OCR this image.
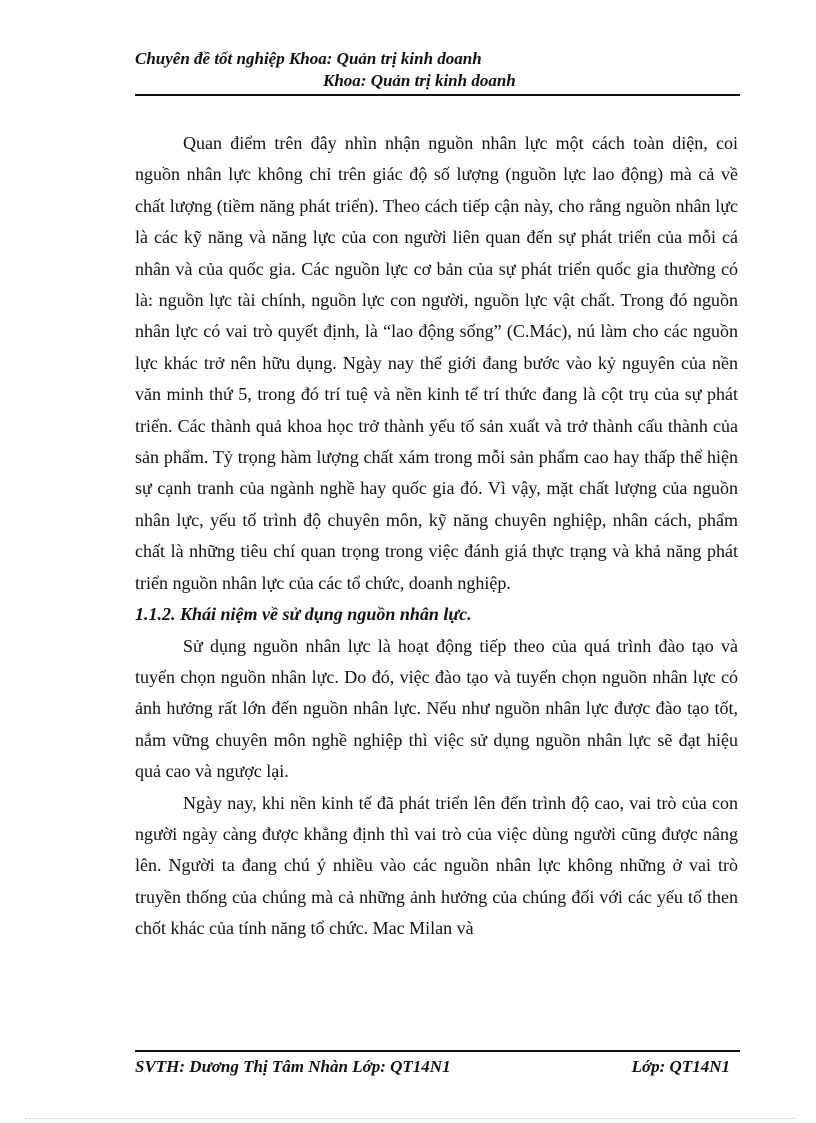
Chuyên đề tốt nghiệp Khoa: Quản trị kinh doanh
Khoa: Quản trị kinh doanh

Quan điểm trên đây nhìn nhận nguồn nhân lực một cách toàn diện, coi nguồn nhân lực không chỉ trên giác độ số lượng (nguồn lực lao động) mà cả về chất lượng (tiềm năng phát triển). Theo cách tiếp cận này, cho rằng nguồn nhân lực là các kỹ năng và năng lực của con người liên quan đến sự phát triển của mỗi cá nhân và của quốc gia. Các nguồn lực cơ bản của sự phát triển quốc gia thường có là: nguồn lực tài chính, nguồn lực con người, nguồn lực vật chất. Trong đó nguồn nhân lực có vai trò quyết định, là “lao động sống” (C.Mác), nú làm cho các nguồn lực khác trở nên hữu dụng. Ngày nay thế giới đang bước vào kỷ nguyên của nền văn minh thứ 5, trong đó trí tuệ và nền kinh tế trí thức đang là cột trụ của sự phát triển. Các thành quả khoa học trở thành yếu tố sản xuất và trở thành cấu thành của sản phẩm. Tỷ trọng hàm lượng chất xám trong mỗi sản phẩm cao hay thấp thể hiện sự cạnh tranh của ngành nghề hay quốc gia đó. Vì vậy, mặt chất lượng của nguồn nhân lực, yếu tố trình độ chuyên môn, kỹ năng chuyên nghiệp, nhân cách, phẩm chất là những tiêu chí quan trọng trong việc đánh giá thực trạng và khả năng phát triển nguồn nhân lực của các tổ chức, doanh nghiệp.

1.1.2. Khái niệm về sử dụng nguồn nhân lực.

Sử dụng nguồn nhân lực là hoạt động tiếp theo của quá trình đào tạo và tuyển chọn nguồn nhân lực. Do đó, việc đào tạo và tuyển chọn nguồn nhân lực có ảnh hưởng rất lớn đến nguồn nhân lực. Nếu như nguồn nhân lực được đào tạo tốt, nắm vững chuyên môn nghề nghiệp thì việc sử dụng nguồn nhân lực sẽ đạt hiệu quả cao và ngược lại.

Ngày nay, khi nền kinh tế đã phát triển lên đến trình độ cao, vai trò của con người ngày càng được khẳng định thì vai trò của việc dùng người cũng được nâng lên. Người ta đang chú ý nhiều vào các nguồn nhân lực không những ở vai trò truyền thống của chúng mà cả những ảnh hưởng của chúng đối với các yếu tố then chốt khác của tính năng tổ chức. Mac Milan và

SVTH: Dương Thị Tâm Nhàn Lớp: QT14N1	Lớp: QT14N1
